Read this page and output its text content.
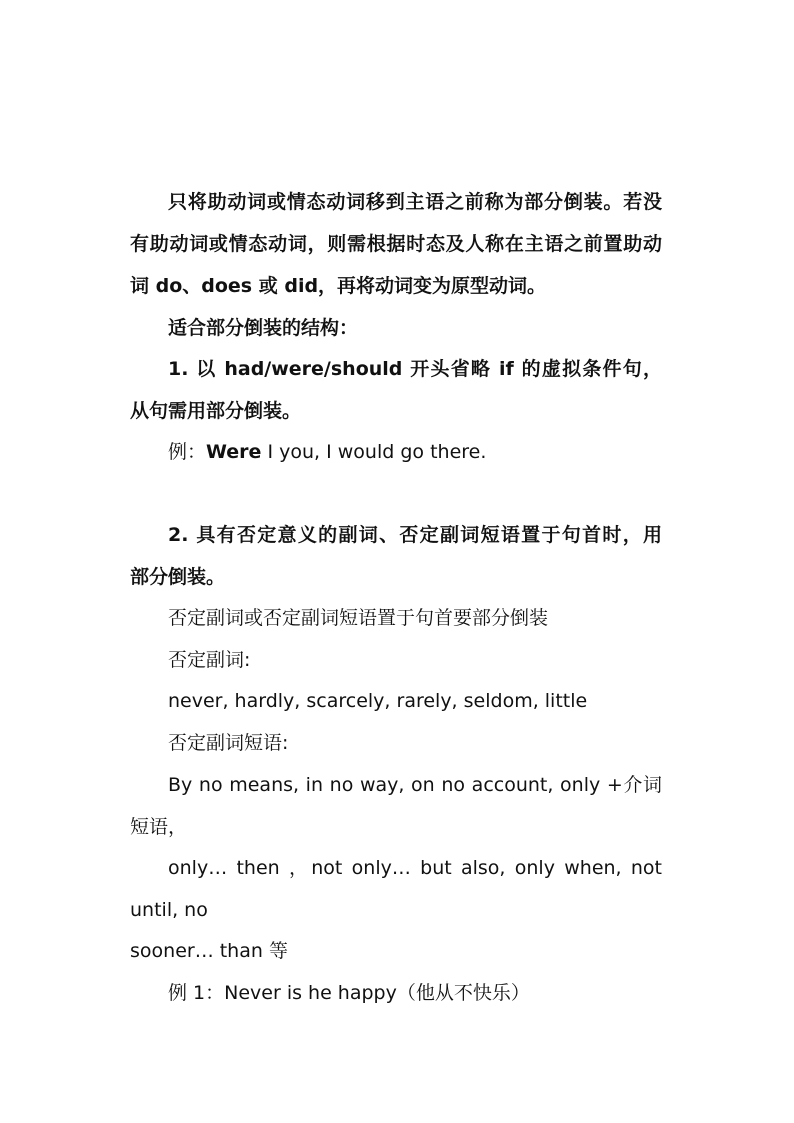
只将助动词或情态动词移到主语之前称为部分倒装。若没
有助动词或情态动词，则需根据时态及人称在主语之前置助动
词 do、does 或 did，再将动词变为原型动词。
适合部分倒装的结构：
1. 以 had/were/should 开头省略 if 的虚拟条件句，
从句需用部分倒装。
例：Were I you, I would go there.
2. 具有否定意义的副词、否定副词短语置于句首时，用
部分倒装。
否定副词或否定副词短语置于句首要部分倒装
否定副词:
never, hardly, scarcely, rarely, seldom, little
否定副词短语:
By no means, in no way, on no account, only +介词
短语，
only… then ，not only… but also, only when, not
until, no
sooner… than 等
例 1：Never is he happy（他从不快乐）
